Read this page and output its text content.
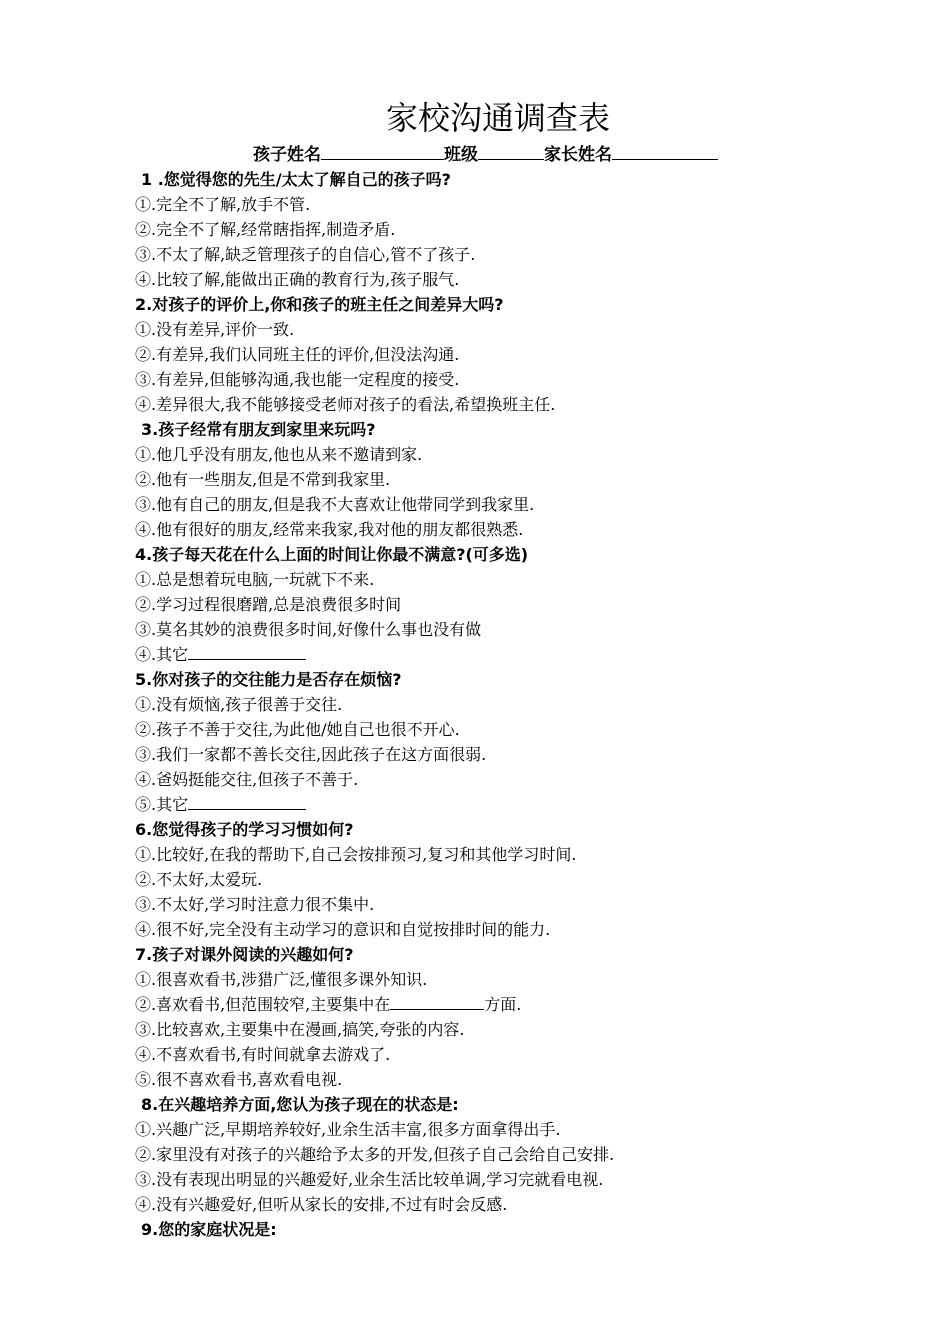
家校沟通调查表
孩子姓名	班级	家长姓名
1 .您觉得您的先生/太太了解自己的孩子吗?
①.完全不了解,放手不管.
②.完全不了解,经常瞎指挥,制造矛盾.
③.不太了解,缺乏管理孩子的自信心,管不了孩子.
④.比较了解,能做出正确的教育行为,孩子服气.
2.对孩子的评价上,你和孩子的班主任之间差异大吗?
①.没有差异,评价一致.
②.有差异,我们认同班主任的评价,但没法沟通.
③.有差异,但能够沟通,我也能一定程度的接受.
④.差异很大,我不能够接受老师对孩子的看法,希望换班主任.
3.孩子经常有朋友到家里来玩吗?
①.他几乎没有朋友,他也从来不邀请到家.
②.他有一些朋友,但是不常到我家里.
③.他有自己的朋友,但是我不大喜欢让他带同学到我家里.
④.他有很好的朋友,经常来我家,我对他的朋友都很熟悉.
4.孩子每天花在什么上面的时间让你最不满意?(可多选)
①.总是想着玩电脑,一玩就下不来.
②.学习过程很磨蹭,总是浪费很多时间
③.莫名其妙的浪费很多时间,好像什么事也没有做
④.其它
5.你对孩子的交往能力是否存在烦恼?
①.没有烦恼,孩子很善于交往.
②.孩子不善于交往,为此他/她自己也很不开心.
③.我们一家都不善长交往,因此孩子在这方面很弱.
④.爸妈挺能交往,但孩子不善于.
⑤.其它
6.您觉得孩子的学习习惯如何?
①.比较好,在我的帮助下,自己会按排预习,复习和其他学习时间.
②.不太好,太爱玩.
③.不太好,学习时注意力很不集中.
④.很不好,完全没有主动学习的意识和自觉按排时间的能力.
7.孩子对课外阅读的兴趣如何?
①.很喜欢看书,涉猎广泛,懂很多课外知识.
②.喜欢看书,但范围较窄,主要集中在	方面.
③.比较喜欢,主要集中在漫画,搞笑,夸张的内容.
④.不喜欢看书,有时间就拿去游戏了.
⑤.很不喜欢看书,喜欢看电视.
8.在兴趣培养方面,您认为孩子现在的状态是:
①.兴趣广泛,早期培养较好,业余生活丰富,很多方面拿得出手.
②.家里没有对孩子的兴趣给予太多的开发,但孩子自己会给自己安排.
③.没有表现出明显的兴趣爱好,业余生活比较单调,学习完就看电视.
④.没有兴趣爱好,但听从家长的安排,不过有时会反感.
9.您的家庭状况是:
